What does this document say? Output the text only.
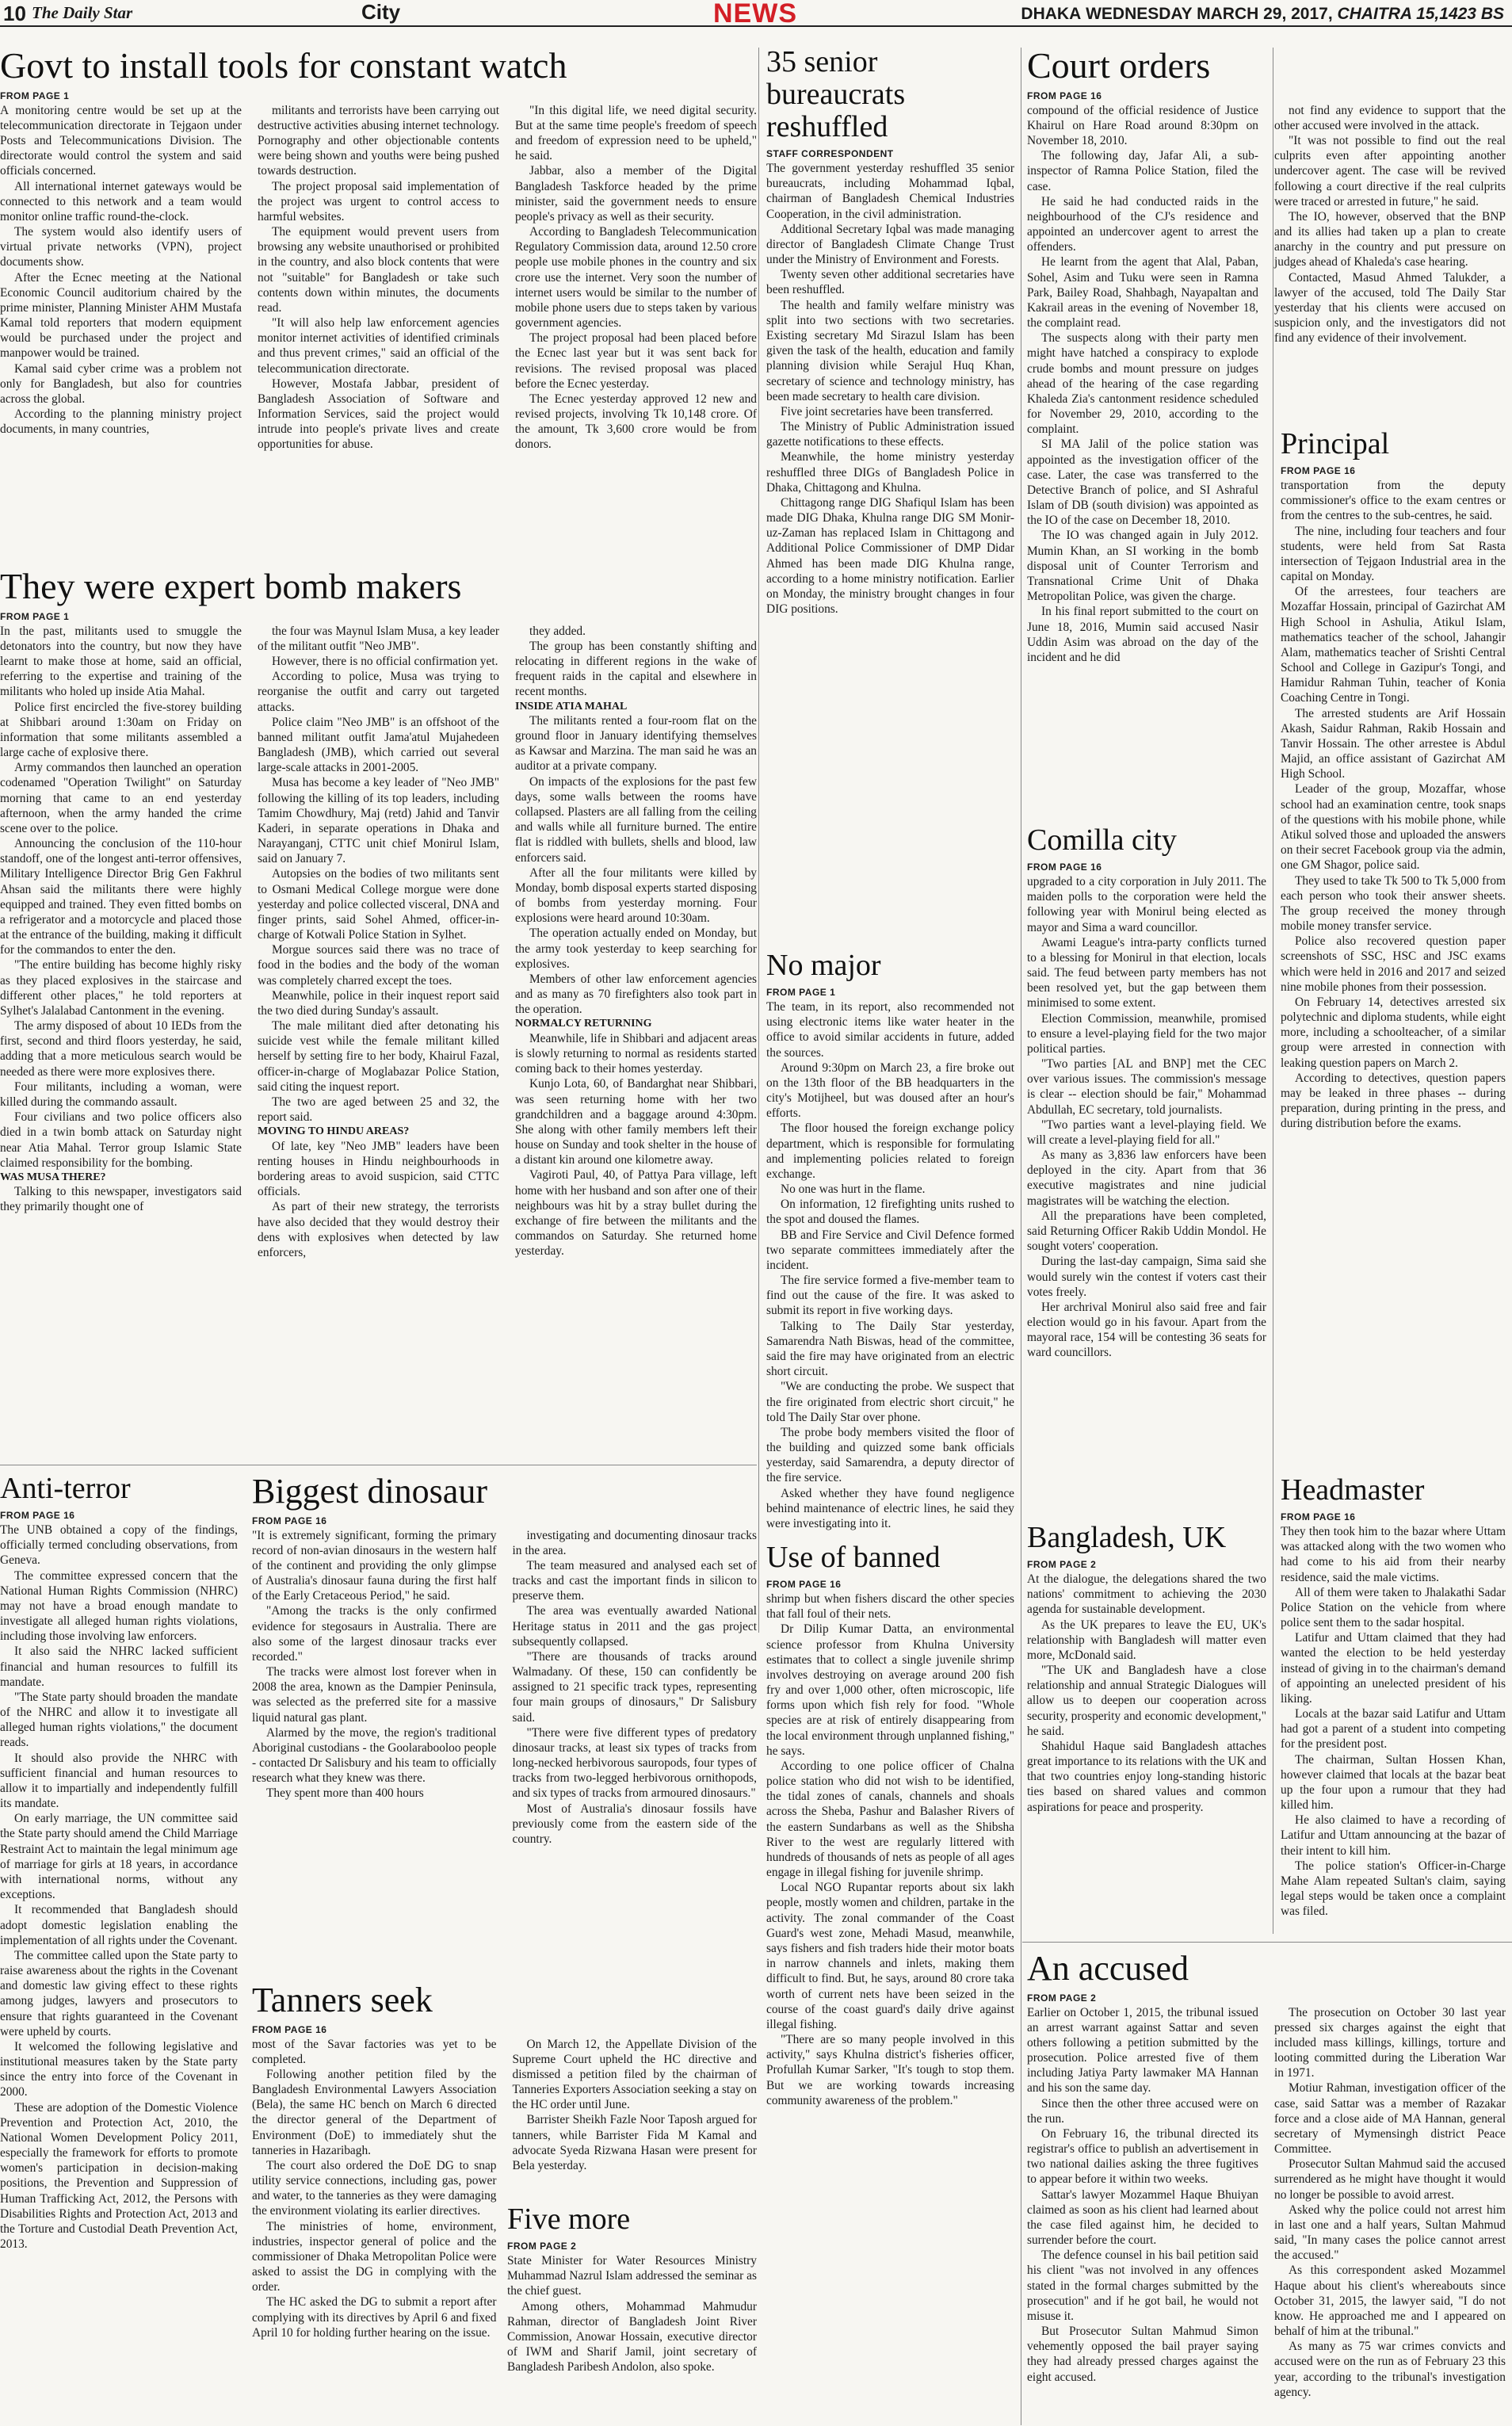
10 The Daily Star	City	NEWS	DHAKA WEDNESDAY MARCH 29, 2017, CHAITRA 15,1423 BS
Govt to install tools for constant watch
FROM PAGE 1

A monitoring centre would be set up at the telecommunication directorate in Tejgaon under Posts and Telecommunications Division. The directorate would control the system and said officials concerned.

All international internet gateways would be connected to this network and a team would monitor online traffic round-the-clock.

The system would also identify users of virtual private networks (VPN), project documents show.

After the Ecnec meeting at the National Economic Council auditorium chaired by the prime minister, Planning Minister AHM Mustafa Kamal told reporters that modern equipment would be purchased under the project and manpower would be trained.

Kamal said cyber crime was a problem not only for Bangladesh, but also for countries across the global.

According to the planning ministry project documents, in many countries,

militants and terrorists have been carrying out destructive activities abusing internet technology. Pornography and other objectionable contents were being shown and youths were being pushed towards destruction.

The project proposal said implementation of the project was urgent to control access to harmful websites.

The equipment would prevent users from browsing any website unauthorised or prohibited in the country, and also block contents that were not "suitable" for Bangladesh or take such contents down within minutes, the documents read.

"It will also help law enforcement agencies monitor internet activities of identified criminals and thus prevent crimes," said an official of the telecommunication directorate.

However, Mostafa Jabbar, president of Bangladesh Association of Software and Information Services, said the project would intrude into people's private lives and create opportunities for abuse.

"In this digital life, we need digital security. But at the same time people's freedom of speech and freedom of expression need to be upheld," he said.

Jabbar, also a member of the Digital Bangladesh Taskforce headed by the prime minister, said the government needs to ensure people's privacy as well as their security.

According to Bangladesh Telecommunication Regulatory Commission data, around 12.50 crore people use mobile phones in the country and six crore use the internet. Very soon the number of internet users would be similar to the number of mobile phone users due to steps taken by various government agencies.

The project proposal had been placed before the Ecnec last year but it was sent back for revisions. The revised proposal was placed before the Ecnec yesterday.

The Ecnec yesterday approved 12 new and revised projects, involving Tk 10,148 crore. Of the amount, Tk 3,600 crore would be from donors.

35 senior bureaucrats reshuffled
STAFF CORRESPONDENT

The government yesterday reshuffled 35 senior bureaucrats, including Mohammad Iqbal, chairman of Bangladesh Chemical Industries Cooperation, in the civil administration.

Additional Secretary Iqbal was made managing director of Bangladesh Climate Change Trust under the Ministry of Environment and Forests.

Twenty seven other additional secretaries have been reshuffled.

The health and family welfare ministry was split into two sections with two secretaries. Existing secretary Md Sirazul Islam has been given the task of the health, education and family planning division while Serajul Huq Khan, secretary of science and technology ministry, has been made secretary to health care division.

Five joint secretaries have been transferred.

The Ministry of Public Administration issued gazette notifications to these effects.

Meanwhile, the home ministry yesterday reshuffled three DIGs of Bangladesh Police in Dhaka, Chittagong and Khulna.

Chittagong range DIG Shafiqul Islam has been made DIG Dhaka, Khulna range DIG SM Monir-uz-Zaman has replaced Islam in Chittagong and Additional Police Commissioner of DMP Didar Ahmed has been made DIG Khulna range, according to a home ministry notification. Earlier on Monday, the ministry brought changes in four DIG positions.

Court orders
FROM PAGE 16

compound of the official residence of Justice Khairul on Hare Road around 8:30pm on November 18, 2010.

The following day, Jafar Ali, a sub-inspector of Ramna Police Station, filed the case.

He said he had conducted raids in the neighbourhood of the CJ's residence and appointed an undercover agent to arrest the offenders.

He learnt from the agent that Alal, Paban, Sohel, Asim and Tuku were seen in Ramna Park, Bailey Road, Shahbagh, Nayapaltan and Kakrail areas in the evening of November 18, the complaint read.

The suspects along with their party men might have hatched a conspiracy to explode crude bombs and mount pressure on judges ahead of the hearing of the case regarding Khaleda Zia's cantonment residence scheduled for November 29, 2010, according to the complaint.

SI MA Jalil of the police station was appointed as the investigation officer of the case. Later, the case was transferred to the Detective Branch of police, and SI Ashraful Islam of DB (south division) was appointed as the IO of the case on December 18, 2010.

The IO was changed again in July 2012. Mumin Khan, an SI working in the bomb disposal unit of Counter Terrorism and Transnational Crime Unit of Dhaka Metropolitan Police, was given the charge.

In his final report submitted to the court on June 18, 2016, Mumin said accused Nasir Uddin Asim was abroad on the day of the incident and he did

not find any evidence to support that the other accused were involved in the attack.

"It was not possible to find out the real culprits even after appointing another undercover agent. The case will be revived following a court directive if the real culprits were traced or arrested in future," he said.

The IO, however, observed that the BNP and its allies had taken up a plan to create anarchy in the country and put pressure on judges ahead of Khaleda's case hearing.

Contacted, Masud Ahmed Talukder, a lawyer of the accused, told The Daily Star yesterday that his clients were accused on suspicion only, and the investigators did not find any evidence of their involvement.

Principal
FROM PAGE 16

transportation from the deputy commissioner's office to the exam centres or from the centres to the sub-centres, he said.

The nine, including four teachers and four students, were held from Sat Rasta intersection of Tejgaon Industrial area in the capital on Monday.

Of the arrestees, four teachers are Mozaffar Hossain, principal of Gazirchat AM High School in Ashulia, Atikul Islam, mathematics teacher of the school, Jahangir Alam, mathematics teacher of Srishti Central School and College in Gazipur's Tongi, and Hamidur Rahman Tuhin, teacher of Konia Coaching Centre in Tongi.

The arrested students are Arif Hossain Akash, Saidur Rahman, Rakib Hossain and Tanvir Hossain. The other arrestee is Abdul Majid, an office assistant of Gazirchat AM High School.

Leader of the group, Mozaffar, whose school had an examination centre, took snaps of the questions with his mobile phone, while Atikul solved those and uploaded the answers on their secret Facebook group via the admin, one GM Shagor, police said.

They used to take Tk 500 to Tk 5,000 from each person who took their answer sheets. The group received the money through mobile money transfer service.

Police also recovered question paper screenshots of SSC, HSC and JSC exams which were held in 2016 and 2017 and seized nine mobile phones from their possession.

On February 14, detectives arrested six polytechnic and diploma students, while eight more, including a schoolteacher, of a similar group were arrested in connection with leaking question papers on March 2.

According to detectives, question papers may be leaked in three phases -- during preparation, during printing in the press, and during distribution before the exams.

They were expert bomb makers
FROM PAGE 1

In the past, militants used to smuggle the detonators into the country, but now they have learnt to make those at home, said an official, referring to the expertise and training of the militants who holed up inside Atia Mahal.

Police first encircled the five-storey building at Shibbari around 1:30am on Friday on information that some militants assembled a large cache of explosive there.

Army commandos then launched an operation codenamed "Operation Twilight" on Saturday morning that came to an end yesterday afternoon, when the army handed the crime scene over to the police.

Announcing the conclusion of the 110-hour standoff, one of the longest anti-terror offensives, Military Intelligence Director Brig Gen Fakhrul Ahsan said the militants there were highly equipped and trained. They even fitted bombs on a refrigerator and a motorcycle and placed those at the entrance of the building, making it difficult for the commandos to enter the den.

"The entire building has become highly risky as they placed explosives in the staircase and different other places," he told reporters at Sylhet's Jalalabad Cantonment in the evening.

The army disposed of about 10 IEDs from the first, second and third floors yesterday, he said, adding that a more meticulous search would be needed as there were more explosives there.

Four militants, including a woman, were killed during the commando assault.

Four civilians and two police officers also died in a twin bomb attack on Saturday night near Atia Mahal. Terror group Islamic State claimed responsibility for the bombing.

WAS MUSA THERE?

Talking to this newspaper, investigators said they primarily thought one of

the four was Maynul Islam Musa, a key leader of the militant outfit "Neo JMB".

However, there is no official confirmation yet.

According to police, Musa was trying to reorganise the outfit and carry out targeted attacks.

Police claim "Neo JMB" is an offshoot of the banned militant outfit Jama'atul Mujahedeen Bangladesh (JMB), which carried out several large-scale attacks in 2001-2005.

Musa has become a key leader of "Neo JMB" following the killing of its top leaders, including Tamim Chowdhury, Maj (retd) Jahid and Tanvir Kaderi, in separate operations in Dhaka and Narayanganj, CTTC unit chief Monirul Islam, said on January 7.

Autopsies on the bodies of two militants sent to Osmani Medical College morgue were done yesterday and police collected visceral, DNA and finger prints, said Sohel Ahmed, officer-in-charge of Kotwali Police Station in Sylhet.

Morgue sources said there was no trace of food in the bodies and the body of the woman was completely charred except the toes.

Meanwhile, police in their inquest report said the two died during Sunday's assault.

The male militant died after detonating his suicide vest while the female militant killed herself by setting fire to her body, Khairul Fazal, officer-in-charge of Moglabazar Police Station, said citing the inquest report.

The two are aged between 25 and 32, the report said.

MOVING TO HINDU AREAS?

Of late, key "Neo JMB" leaders have been renting houses in Hindu neighbourhoods in bordering areas to avoid suspicion, said CTTC officials.

As part of their new strategy, the terrorists have also decided that they would destroy their dens with explosives when detected by law enforcers,

they added.

The group has been constantly shifting and relocating in different regions in the wake of frequent raids in the capital and elsewhere in recent months.

INSIDE ATIA MAHAL

The militants rented a four-room flat on the ground floor in January identifying themselves as Kawsar and Marzina. The man said he was an auditor at a private company.

On impacts of the explosions for the past few days, some walls between the rooms have collapsed. Plasters are all falling from the ceiling and walls while all furniture burned. The entire flat is riddled with bullets, shells and blood, law enforcers said.

After all the four militants were killed by Monday, bomb disposal experts started disposing of bombs from yesterday morning. Four explosions were heard around 10:30am.

The operation actually ended on Monday, but the army took yesterday to keep searching for explosives.

Members of other law enforcement agencies and as many as 70 firefighters also took part in the operation.

NORMALCY RETURNING

Meanwhile, life in Shibbari and adjacent areas is slowly returning to normal as residents started coming back to their homes yesterday.

Kunjo Lota, 60, of Bandarghat near Shibbari, was seen returning home with her two grandchildren and a baggage around 4:30pm. She along with other family members left their house on Sunday and took shelter in the house of a distant kin around one kilometre away.

Vagiroti Paul, 40, of Pattya Para village, left home with her husband and son after one of their neighbours was hit by a stray bullet during the exchange of fire between the militants and the commandos on Saturday. She returned home yesterday.

No major
FROM PAGE 1

The team, in its report, also recommended not using electronic items like water heater in the office to avoid similar accidents in future, added the sources.

Around 9:30pm on March 23, a fire broke out on the 13th floor of the BB headquarters in the city's Motijheel, but was doused after an hour's efforts.

The floor housed the foreign exchange policy department, which is responsible for formulating and implementing policies related to foreign exchange.

No one was hurt in the flame.

On information, 12 firefighting units rushed to the spot and doused the flames.

BB and Fire Service and Civil Defence formed two separate committees immediately after the incident.

The fire service formed a five-member team to find out the cause of the fire. It was asked to submit its report in five working days.

Talking to The Daily Star yesterday, Samarendra Nath Biswas, head of the committee, said the fire may have originated from an electric short circuit.

"We are conducting the probe. We suspect that the fire originated from electric short circuit," he told The Daily Star over phone.

The probe body members visited the floor of the building and quizzed some bank officials yesterday, said Samarendra, a deputy director of the fire service.

Asked whether they have found negligence behind maintenance of electric lines, he said they were investigating into it.

Comilla city
FROM PAGE 16

upgraded to a city corporation in July 2011. The maiden polls to the corporation were held the following year with Monirul being elected as mayor and Sima a ward councillor.

Awami League's intra-party conflicts turned to a blessing for Monirul in that election, locals said. The feud between party members has not been resolved yet, but the gap between them minimised to some extent.

Election Commission, meanwhile, promised to ensure a level-playing field for the two major political parties.

"Two parties [AL and BNP] met the CEC over various issues. The commission's message is clear -- election should be fair," Mohammad Abdullah, EC secretary, told journalists.

"Two parties want a level-playing field. We will create a level-playing field for all."

As many as 3,836 law enforcers have been deployed in the city. Apart from that 36 executive magistrates and nine judicial magistrates will be watching the election.

All the preparations have been completed, said Returning Officer Rakib Uddin Mondol. He sought voters' cooperation.

During the last-day campaign, Sima said she would surely win the contest if voters cast their votes freely.

Her archrival Monirul also said free and fair election would go in his favour. Apart from the mayoral race, 154 will be contesting 36 seats for ward councillors.

Headmaster
FROM PAGE 16

They then took him to the bazar where Uttam was attacked along with the two women who had come to his aid from their nearby residence, said the male victims.

All of them were taken to Jhalakathi Sadar Police Station on the vehicle from where police sent them to the sadar hospital.

Latifur and Uttam claimed that they had wanted the election to be held yesterday instead of giving in to the chairman's demand of appointing an unelected president of his liking.

Locals at the bazar said Latifur and Uttam had got a parent of a student into competing for the president post.

The chairman, Sultan Hossen Khan, however claimed that locals at the bazar beat up the four upon a rumour that they had killed him.

He also claimed to have a recording of Latifur and Uttam announcing at the bazar of their intent to kill him.

The police station's Officer-in-Charge Mahe Alam repeated Sultan's claim, saying legal steps would be taken once a complaint was filed.

Anti-terror
FROM PAGE 16

The UNB obtained a copy of the findings, officially termed concluding observations, from Geneva.

The committee expressed concern that the National Human Rights Commission (NHRC) may not have a broad enough mandate to investigate all alleged human rights violations, including those involving law enforcers.

It also said the NHRC lacked sufficient financial and human resources to fulfill its mandate.

"The State party should broaden the mandate of the NHRC and allow it to investigate all alleged human rights violations," the document reads.

It should also provide the NHRC with sufficient financial and human resources to allow it to impartially and independently fulfill its mandate.

On early marriage, the UN committee said the State party should amend the Child Marriage Restraint Act to maintain the legal minimum age of marriage for girls at 18 years, in accordance with international norms, without any exceptions.

It recommended that Bangladesh should adopt domestic legislation enabling the implementation of all rights under the Covenant.

The committee called upon the State party to raise awareness about the rights in the Covenant and domestic law giving effect to these rights among judges, lawyers and prosecutors to ensure that rights guaranteed in the Covenant were upheld by courts.

It welcomed the following legislative and institutional measures taken by the State party since the entry into force of the Covenant in 2000.

These are adoption of the Domestic Violence Prevention and Protection Act, 2010, the National Women Development Policy 2011, especially the framework for efforts to promote women's participation in decision-making positions, the Prevention and Suppression of Human Trafficking Act, 2012, the Persons with Disabilities Rights and Protection Act, 2013 and the Torture and Custodial Death Prevention Act, 2013.

Biggest dinosaur
FROM PAGE 16

"It is extremely significant, forming the primary record of non-avian dinosaurs in the western half of the continent and providing the only glimpse of Australia's dinosaur fauna during the first half of the Early Cretaceous Period," he said.

"Among the tracks is the only confirmed evidence for stegosaurs in Australia. There are also some of the largest dinosaur tracks ever recorded."

The tracks were almost lost forever when in 2008 the area, known as the Dampier Peninsula, was selected as the preferred site for a massive liquid natural gas plant.

Alarmed by the move, the region's traditional Aboriginal custodians - the Goolarabooloo people - contacted Dr Salisbury and his team to officially research what they knew was there.

They spent more than 400 hours

investigating and documenting dinosaur tracks in the area.

The team measured and analysed each set of tracks and cast the important finds in silicon to preserve them.

The area was eventually awarded National Heritage status in 2011 and the gas project subsequently collapsed.

"There are thousands of tracks around Walmadany. Of these, 150 can confidently be assigned to 21 specific track types, representing four main groups of dinosaurs," Dr Salisbury said.

"There were five different types of predatory dinosaur tracks, at least six types of tracks from long-necked herbivorous sauropods, four types of tracks from two-legged herbivorous ornithopods, and six types of tracks from armoured dinosaurs."

Most of Australia's dinosaur fossils have previously come from the eastern side of the country.

Tanners seek
FROM PAGE 16

most of the Savar factories was yet to be completed.

Following another petition filed by the Bangladesh Environmental Lawyers Association (Bela), the same HC bench on March 6 directed the director general of the Department of Environment (DoE) to immediately shut the tanneries in Hazaribagh.

The court also ordered the DoE DG to snap utility service connections, including gas, power and water, to the tanneries as they were damaging the environment violating its earlier directives.

The ministries of home, environment, industries, inspector general of police and the commissioner of Dhaka Metropolitan Police were asked to assist the DG in complying with the order.

The HC asked the DG to submit a report after complying with its directives by April 6 and fixed April 10 for holding further hearing on the issue.

On March 12, the Appellate Division of the Supreme Court upheld the HC directive and dismissed a petition filed by the chairman of Tanneries Exporters Association seeking a stay on the HC order until June.

Barrister Sheikh Fazle Noor Taposh argued for tanners, while Barrister Fida M Kamal and advocate Syeda Rizwana Hasan were present for Bela yesterday.

Five more
FROM PAGE 2

State Minister for Water Resources Ministry Muhammad Nazrul Islam addressed the seminar as the chief guest.

Among others, Mohammad Mahmudur Rahman, director of Bangladesh Joint River Commission, Anowar Hossain, executive director of IWM and Sharif Jamil, joint secretary of Bangladesh Paribesh Andolon, also spoke.

Use of banned
FROM PAGE 16

shrimp but when fishers discard the other species that fall foul of their nets.

Dr Dilip Kumar Datta, an environmental science professor from Khulna University estimates that to collect a single juvenile shrimp involves destroying on average around 200 fish fry and over 1,000 other, often microscopic, life forms upon which fish rely for food. "Whole species are at risk of entirely disappearing from the local environment through unplanned fishing," he says.

According to one police officer of Chalna police station who did not wish to be identified, the tidal zones of canals, channels and shoals across the Sheba, Pashur and Balasher Rivers of the eastern Sundarbans as well as the Shibsha River to the west are regularly littered with hundreds of thousands of nets as people of all ages engage in illegal fishing for juvenile shrimp.

Local NGO Rupantar reports about six lakh people, mostly women and children, partake in the activity. The zonal commander of the Coast Guard's west zone, Mehadi Masud, meanwhile, says fishers and fish traders hide their motor boats in narrow channels and inlets, making them difficult to find. But, he says, around 80 crore taka worth of current nets have been seized in the course of the coast guard's daily drive against illegal fishing.

"There are so many people involved in this activity," says Khulna district's fisheries officer, Profullah Kumar Sarker, "It's tough to stop them. But we are working towards increasing community awareness of the problem."

Bangladesh, UK
FROM PAGE 2

At the dialogue, the delegations shared the two nations' commitment to achieving the 2030 agenda for sustainable development.

As the UK prepares to leave the EU, UK's relationship with Bangladesh will matter even more, McDonald said.

"The UK and Bangladesh have a close relationship and annual Strategic Dialogues will allow us to deepen our cooperation across security, prosperity and economic development," he said.

Shahidul Haque said Bangladesh attaches great importance to its relations with the UK and that two countries enjoy long-standing historic ties based on shared values and common aspirations for peace and prosperity.

An accused
FROM PAGE 2

Earlier on October 1, 2015, the tribunal issued an arrest warrant against Sattar and seven others following a petition submitted by the prosecution. Police arrested five of them including Jatiya Party lawmaker MA Hannan and his son the same day.

Since then the other three accused were on the run.

On February 16, the tribunal directed its registrar's office to publish an advertisement in two national dailies asking the three fugitives to appear before it within two weeks.

Sattar's lawyer Mozammel Haque Bhuiyan claimed as soon as his client had learned about the case filed against him, he decided to surrender before the court.

The defence counsel in his bail petition said his client "was not involved in any offences stated in the formal charges submitted by the prosecution" and if he got bail, he would not misuse it.

But Prosecutor Sultan Mahmud Simon vehemently opposed the bail prayer saying they had already pressed charges against the eight accused.

The prosecution on October 30 last year pressed six charges against the eight that included mass killings, killings, torture and looting committed during the Liberation War in 1971.

Motiur Rahman, investigation officer of the case, said Sattar was a member of Razakar force and a close aide of MA Hannan, general secretary of Mymensingh district Peace Committee.

Prosecutor Sultan Mahmud said the accused surrendered as he might have thought it would no longer be possible to avoid arrest.

Asked why the police could not arrest him in last one and a half years, Sultan Mahmud said, "In many cases the police cannot arrest the accused."

As this correspondent asked Mozammel Haque about his client's whereabouts since October 31, 2015, the lawyer said, "I do not know. He approached me and I appeared on behalf of him at the tribunal."

As many as 75 war crimes convicts and accused were on the run as of February 23 this year, according to the tribunal's investigation agency.
